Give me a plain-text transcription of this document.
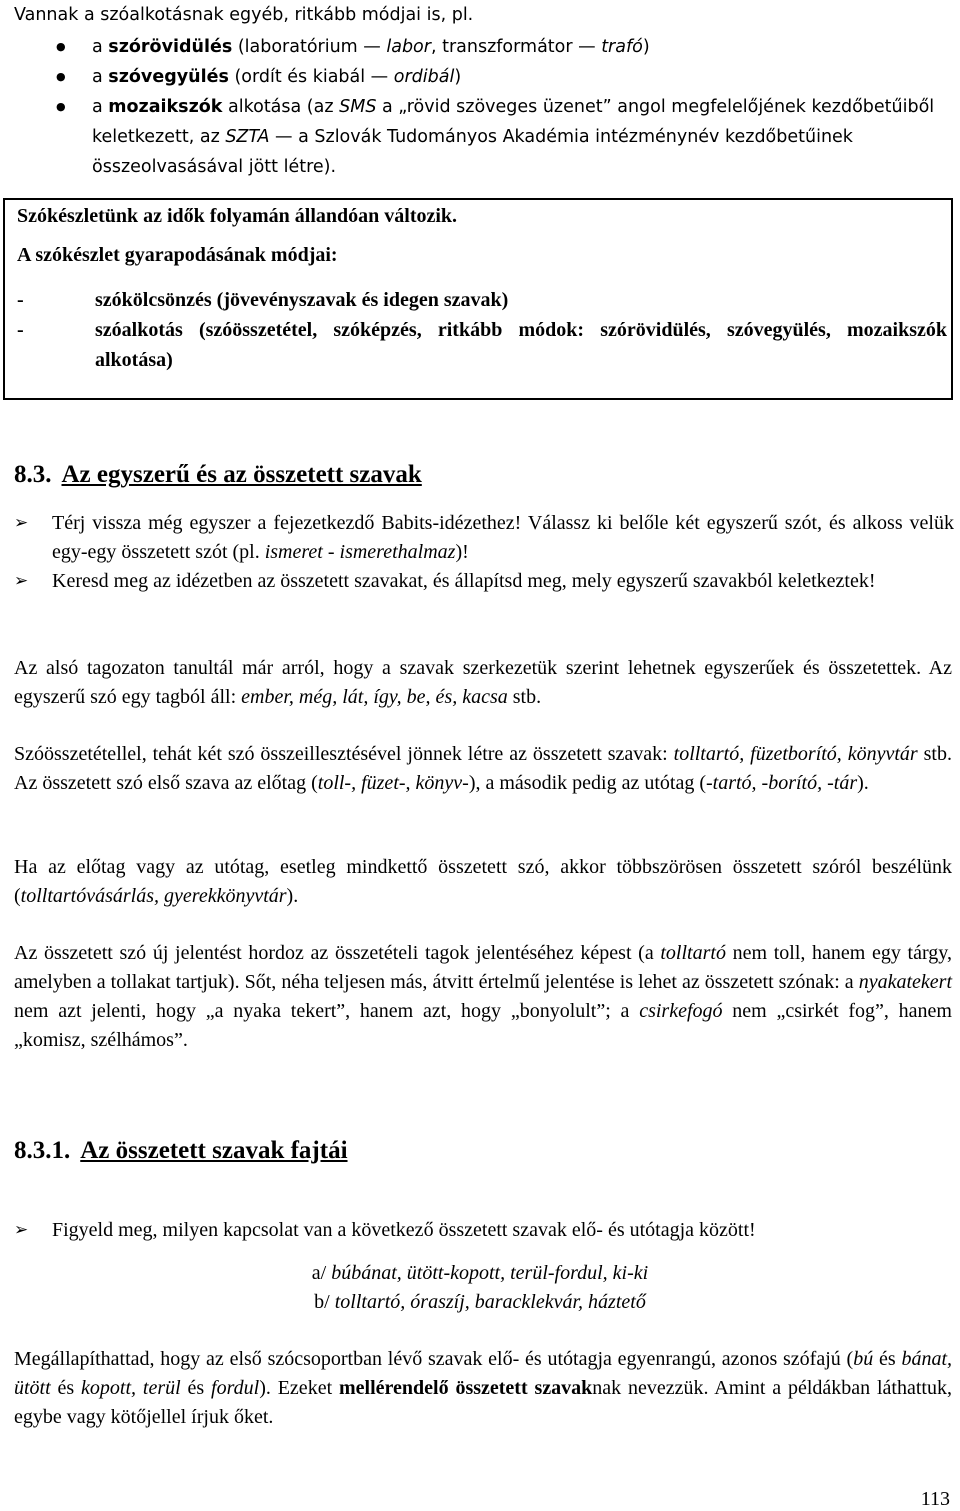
Vannak a szóalkotásnak egyéb, ritkább módjai is, pl.
● a szórövidülés (laboratórium — labor, transzformátor — trafó)
● a szóvegyülés (ordít és kiabál — ordibál)
● a mozaikszók alkotása (az SMS a „rövid szöveges üzenet” angol megfelelőjének kezdőbetűiből keletkezett, az SZTA — a Szlovák Tudományos Akadémia intézménynév kezdőbetűinek összeolvasásával jött létre).
Szókészletünk az idők folyamán állandóan változik.
A szókészlet gyarapodásának módjai:
-	szókölcsönzés (jövevényszavak és idegen szavak)
-	szóalkotás (szóösszetétel, szóképzés, ritkább módok: szórövidülés, szóvegyülés, mozaikszók alkotása)
8.3. Az egyszerű és az összetett szavak
➢ Térj vissza még egyszer a fejezetkezdő Babits-idézethez! Válassz ki belőle két egyszerű szót, és alkoss velük egy-egy összetett szót (pl. ismeret - ismerethalmaz)!
➢ Keresd meg az idézetben az összetett szavakat, és állapítsd meg, mely egyszerű szavakból keletkeztek!
Az alsó tagozaton tanultál már arról, hogy a szavak szerkezetük szerint lehetnek egyszerűek és összetettek. Az egyszerű szó egy tagból áll: ember, még, lát, így, be, és, kacsa stb.
Szóösszetétellel, tehát két szó összeillesztésével jönnek létre az összetett szavak: tolltartó, füzetborító, könyvtár stb. Az összetett szó első szava az előtag (toll-, füzet-, könyv-), a második pedig az utótag (-tartó, -borító, -tár).
Ha az előtag vagy az utótag, esetleg mindkettő összetett szó, akkor többszörösen összetett szóról beszélünk (tolltartóvásárlás, gyerekkönyvtár).
Az összetett szó új jelentést hordoz az összetételi tagok jelentéséhez képest (a tolltartó nem toll, hanem egy tárgy, amelyben a tollakat tartjuk). Sőt, néha teljesen más, átvitt értelmű jelentése is lehet az összetett szónak: a nyakatekert nem azt jelenti, hogy „a nyaka tekert”, hanem azt, hogy „bonyolult”; a csirkefogó nem „csirkét fog”, hanem „komisz, szélhámos”.
8.3.1. Az összetett szavak fajtái
➢ Figyeld meg, milyen kapcsolat van a következő összetett szavak elő- és utótagja között!
a/ búbánat, ütött-kopott, terül-fordul, ki-ki
b/ tolltartó, óraszíj, baracklekvár, háztető
Megállapíthattad, hogy az első szócsoportban lévő szavak elő- és utótagja egyenrangú, azonos szófajú (bú és bánat, ütött és kopott, terül és fordul). Ezeket mellérendelő összetett szavaknak nevezzük. Amint a példákban láthattuk, egybe vagy kötőjellel írjuk őket.
113
